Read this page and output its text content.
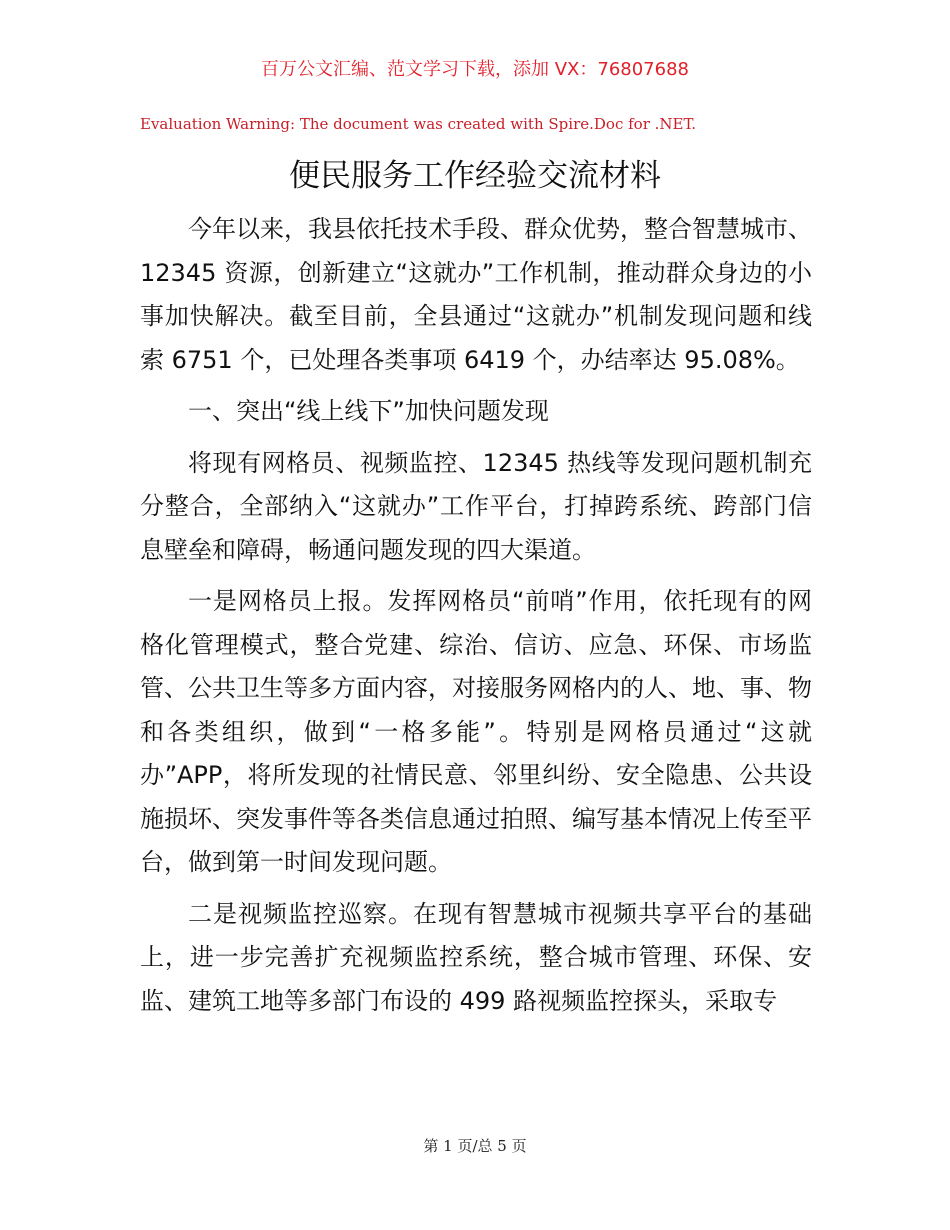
百万公文汇编、范文学习下载，添加 VX：76807688
Evaluation Warning: The document was created with Spire.Doc for .NET.
便民服务工作经验交流材料

今年以来，我县依托技术手段、群众优势，整合智慧城市、12345 资源，创新建立“这就办”工作机制，推动群众身边的小事加快解决。截至目前，全县通过“这就办”机制发现问题和线索 6751 个，已处理各类事项 6419 个，办结率达 95.08%。

一、突出“线上线下”加快问题发现

将现有网格员、视频监控、12345 热线等发现问题机制充分整合，全部纳入“这就办”工作平台，打掉跨系统、跨部门信息壁垒和障碍，畅通问题发现的四大渠道。

一是网格员上报。发挥网格员“前哨”作用，依托现有的网格化管理模式，整合党建、综治、信访、应急、环保、市场监管、公共卫生等多方面内容，对接服务网格内的人、地、事、物和各类组织，做到“一格多能”。特别是网格员通过“这就办”APP，将所发现的社情民意、邻里纠纷、安全隐患、公共设施损坏、突发事件等各类信息通过拍照、编写基本情况上传至平台，做到第一时间发现问题。

二是视频监控巡察。在现有智慧城市视频共享平台的基础上，进一步完善扩充视频监控系统，整合城市管理、环保、安监、建筑工地等多部门布设的 499 路视频监控探头，采取专

第 1 页/总 5 页
